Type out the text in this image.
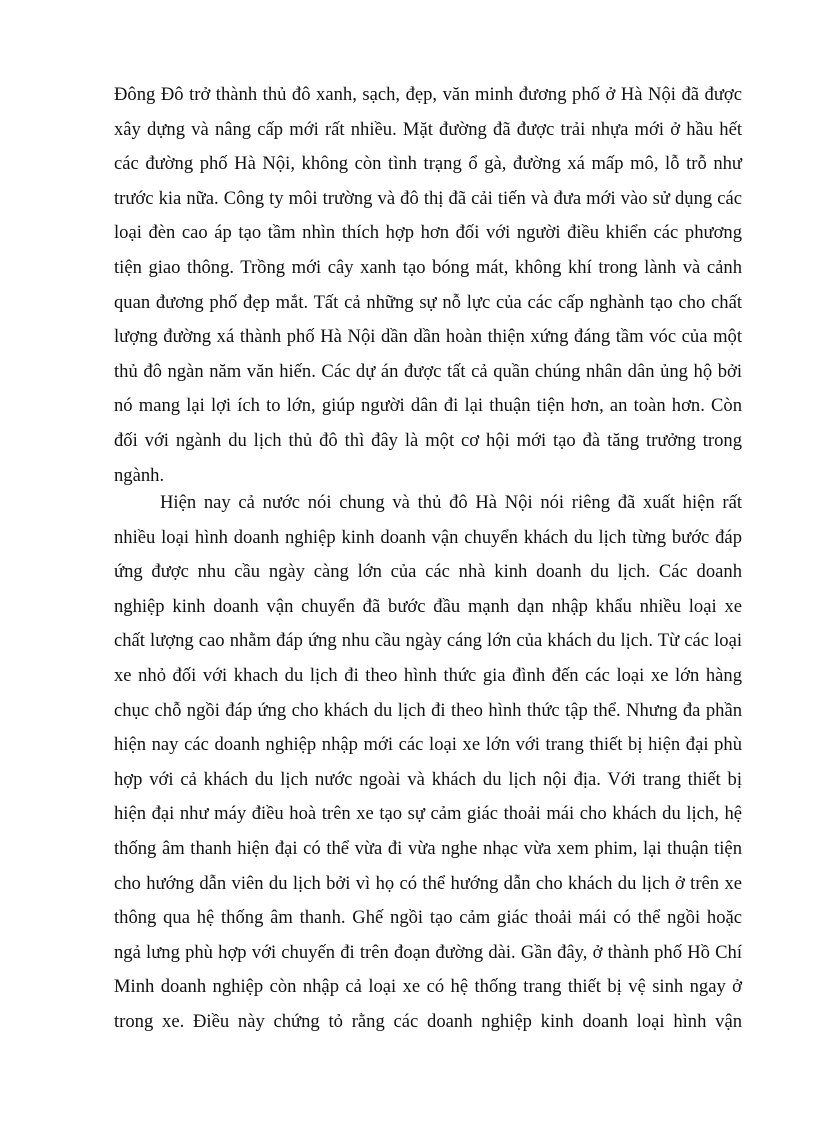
Đông Đô trở thành thủ đô xanh, sạch, đẹp, văn minh đương phố ở Hà Nội đã được
xây dựng và nâng cấp mới rất nhiều. Mặt đường đã được trải nhựa mới ở hầu hết
các đường phố Hà Nội, không còn tình trạng ổ gà, đường xá mấp mô, lỗ trỗ như
trước kia nữa. Công ty môi trường và đô thị đã cải tiến và đưa mới vào sử dụng các
loại đèn cao áp tạo tầm nhìn thích hợp hơn đối với người điều khiển các phương
tiện giao thông. Trồng mới cây xanh tạo bóng mát, không khí trong lành và cảnh
quan đương phố đẹp mắt. Tất cả những sự nỗ lực của các cấp nghành tạo cho chất
lượng đường xá thành phố Hà Nội dần dần hoàn thiện xứng đáng tầm vóc của một
thủ đô ngàn năm văn hiến. Các dự án được tất cả quần chúng nhân dân ủng hộ bởi
nó mang lại lợi ích to lớn, giúp người dân đi lại thuận tiện hơn, an toàn hơn. Còn
đối với ngành du lịch thủ đô thì đây là một cơ hội mới tạo đà tăng trưởng trong
ngành.
Hiện nay cả nước nói chung và thủ đô Hà Nội nói riêng đã xuất hiện rất
nhiều loại hình doanh nghiệp kinh doanh vận chuyển khách du lịch từng bước đáp
ứng được nhu cầu ngày càng lớn của các nhà kinh doanh du lịch. Các doanh
nghiệp kinh doanh vận chuyển đã bước đầu mạnh dạn nhập khẩu nhiều loại xe
chất lượng cao nhằm đáp ứng nhu cầu ngày cáng lớn của khách du lịch. Từ các loại
xe nhỏ đối với khach du lịch đi theo hình thức gia đình đến các loại xe lớn hàng
chục chỗ ngồi đáp ứng cho khách du lịch đi theo hình thức tập thể. Nhưng đa phần
hiện nay các doanh nghiệp nhập mới các loại xe lớn với trang thiết bị hiện đại phù
hợp với cả khách du lịch nước ngoài và khách du lịch nội địa. Với trang thiết bị
hiện đại như máy điều hoà trên xe tạo sự cảm giác thoải mái cho khách du lịch, hệ
thống âm thanh hiện đại có thể vừa đi vừa nghe nhạc vừa xem phim, lại thuận tiện
cho hướng dẫn viên du lịch bởi vì họ có thể hướng dẫn cho khách du lịch ở trên xe
thông qua hệ thống âm thanh. Ghế ngồi tạo cảm giác thoải mái có thể ngồi hoặc
ngả lưng phù hợp với chuyến đi trên đoạn đường dài. Gần đây, ở thành phố Hồ Chí
Minh doanh nghiệp còn nhập cả loại xe có hệ thống trang thiết bị vệ sinh ngay ở
trong xe. Điều này chứng tỏ rằng các doanh nghiệp kinh doanh loại hình vận
